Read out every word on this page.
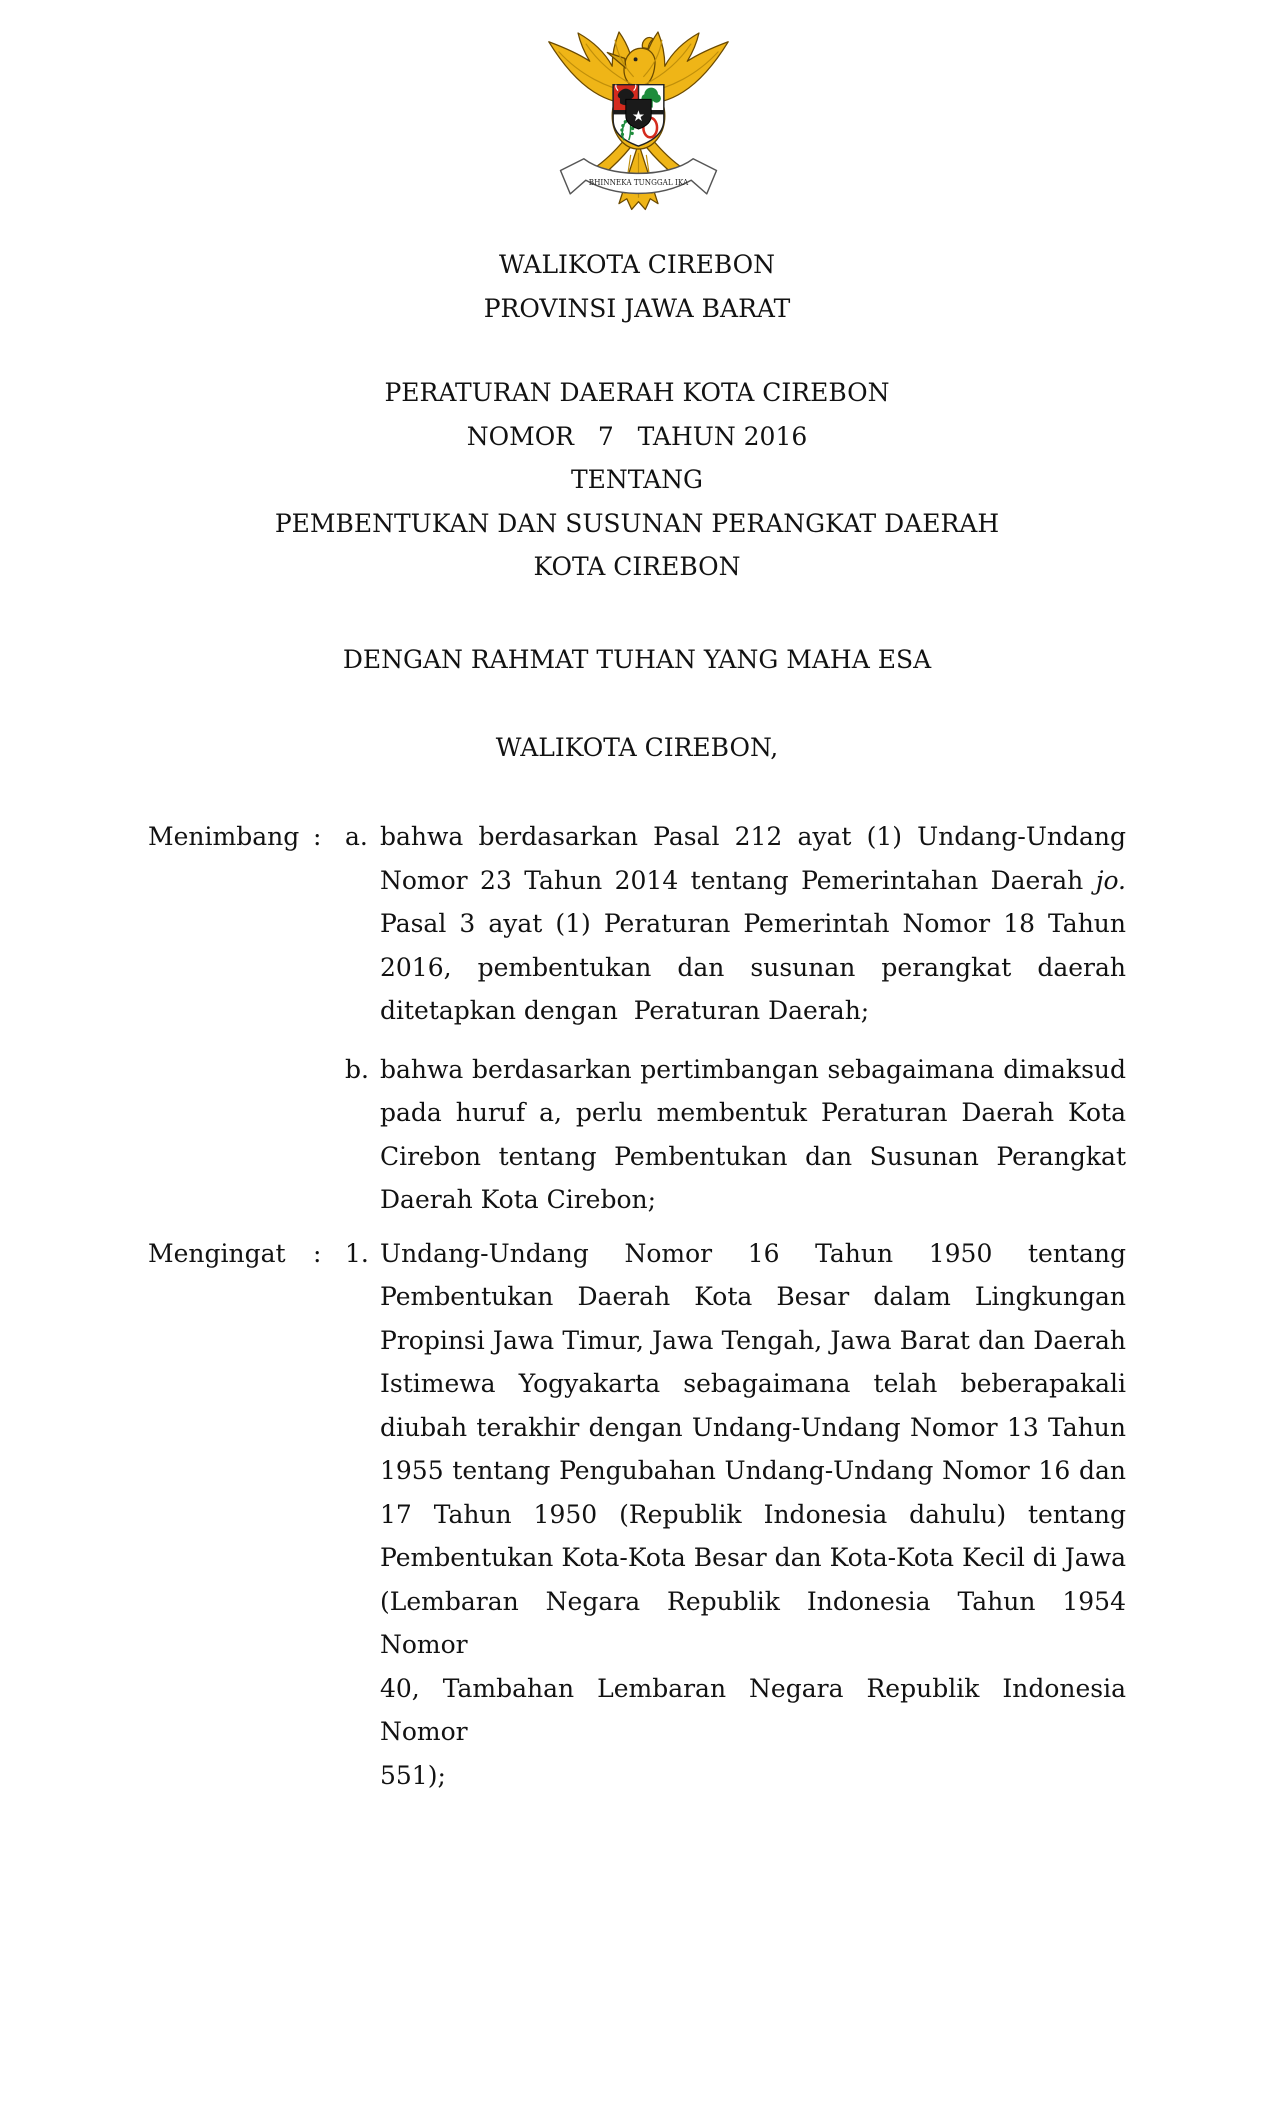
BHINNEKA TUNGGAL IKA
★
WALIKOTA CIREBON
PROVINSI JAWA BARAT
PERATURAN DAERAH KOTA CIREBON
NOMOR   7   TAHUN 2016
TENTANG
PEMBENTUKAN DAN SUSUNAN PERANGKAT DAERAH
KOTA CIREBON
DENGAN RAHMAT TUHAN YANG MAHA ESA
WALIKOTA CIREBON,
Menimbang : a. bahwa berdasarkan Pasal 212 ayat (1) Undang-Undang
Nomor 23 Tahun 2014 tentang Pemerintahan Daerah jo.
Pasal 3 ayat (1) Peraturan Pemerintah Nomor 18 Tahun
2016, pembentukan dan susunan perangkat daerah
ditetapkan dengan  Peraturan Daerah;
b. bahwa berdasarkan pertimbangan sebagaimana dimaksud
pada huruf a, perlu membentuk Peraturan Daerah Kota
Cirebon tentang Pembentukan dan Susunan Perangkat
Daerah Kota Cirebon;
Mengingat	: 1. Undang-Undang Nomor 16 Tahun 1950 tentang
Pembentukan Daerah Kota Besar dalam Lingkungan
Propinsi Jawa Timur, Jawa Tengah, Jawa Barat dan Daerah
Istimewa Yogyakarta sebagaimana telah beberapakali
diubah terakhir dengan Undang-Undang Nomor 13 Tahun
1955 tentang Pengubahan Undang-Undang Nomor 16 dan
17 Tahun 1950 (Republik Indonesia dahulu) tentang
Pembentukan Kota-Kota Besar dan Kota-Kota Kecil di Jawa
(Lembaran Negara Republik Indonesia Tahun 1954 Nomor
40, Tambahan Lembaran Negara Republik Indonesia Nomor
551);
